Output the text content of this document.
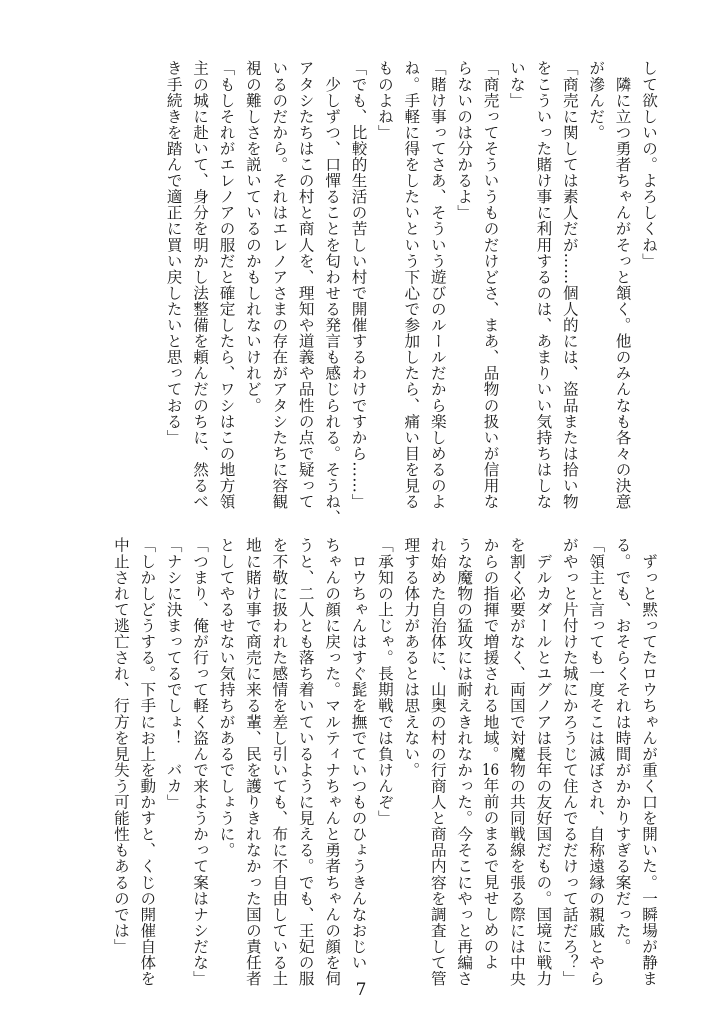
して欲しいの。よろしくね」
　隣に立つ勇者ちゃんがそっと頷く。他のみんなも各々の決意
が滲んだ。
「商売に関しては素人だが……個人的には、盗品または拾い物
をこういった賭け事に利用するのは、あまりいい気持ちはしな
いな」
「商売ってそういうものだけどさ、まあ、品物の扱いが信用な
らないのは分かるよ」
「賭け事ってさあ、そういう遊びのルールだから楽しめるのよ
ね。手軽に得をしたいという下心で参加したら、痛い目を見る
ものよね」
「でも、比較的生活の苦しい村で開催するわけですから……」
　少しずつ、口憚ることを匂わせる発言も感じられる。そうね、
アタシたちはこの村と商人を、理知や道義や品性の点で疑って
いるのだから。それはエレノアさまの存在がアタシたちに容観
視の難しさを説いているのかもしれないけれど。
「もしそれがエレノアの服だと確定したら、ワシはこの地方領
主の城に赴いて、身分を明かし法整備を頼んだのちに、然るべ
き手続きを踏んで適正に買い戻したいと思っておる」
　ずっと黙ってたロウちゃんが重く口を開いた。一瞬場が静ま
る。でも、おそらくそれは時間がかかりすぎる案だった。
「領主と言っても一度そこは滅ぼされ、自称遠縁の親戚とやら
がやっと片付けた城にかろうじて住んでるだけって話だろ？」
　デルカダールとユグノアは長年の友好国だもの。国境に戦力
を割く必要がなく、両国で対魔物の共同戦線を張る際には中央
からの指揮で増援される地域。16年前のまるで見せしめのよ
うな魔物の猛攻には耐えきれなかった。今そこにやっと再編さ
れ始めた自治体に、山奥の村の行商人と商品内容を調査して管
理する体力があるとは思えない。
「承知の上じゃ。長期戦では負けんぞ」
　ロウちゃんはすぐ髭を撫でていつものひょうきんなおじい
ちゃんの顔に戻った。マルティナちゃんと勇者ちゃんの顔を伺
うと、二人とも落ち着いているように見える。でも、王妃の服
を不敬に扱われた感情を差し引いても、布に不自由している土
地に賭け事で商売に来る輩、民を護りきれなかった国の責任者
としてやるせない気持ちがあるでしょうに。
「つまり、俺が行って軽く盗んで来ようかって案はナシだな」
「ナシに決まってるでしょ！　バカ」
「しかしどうする。下手にお上を動かすと、くじの開催自体を
中止されて逃亡され、行方を見失う可能性もあるのでは」
7
